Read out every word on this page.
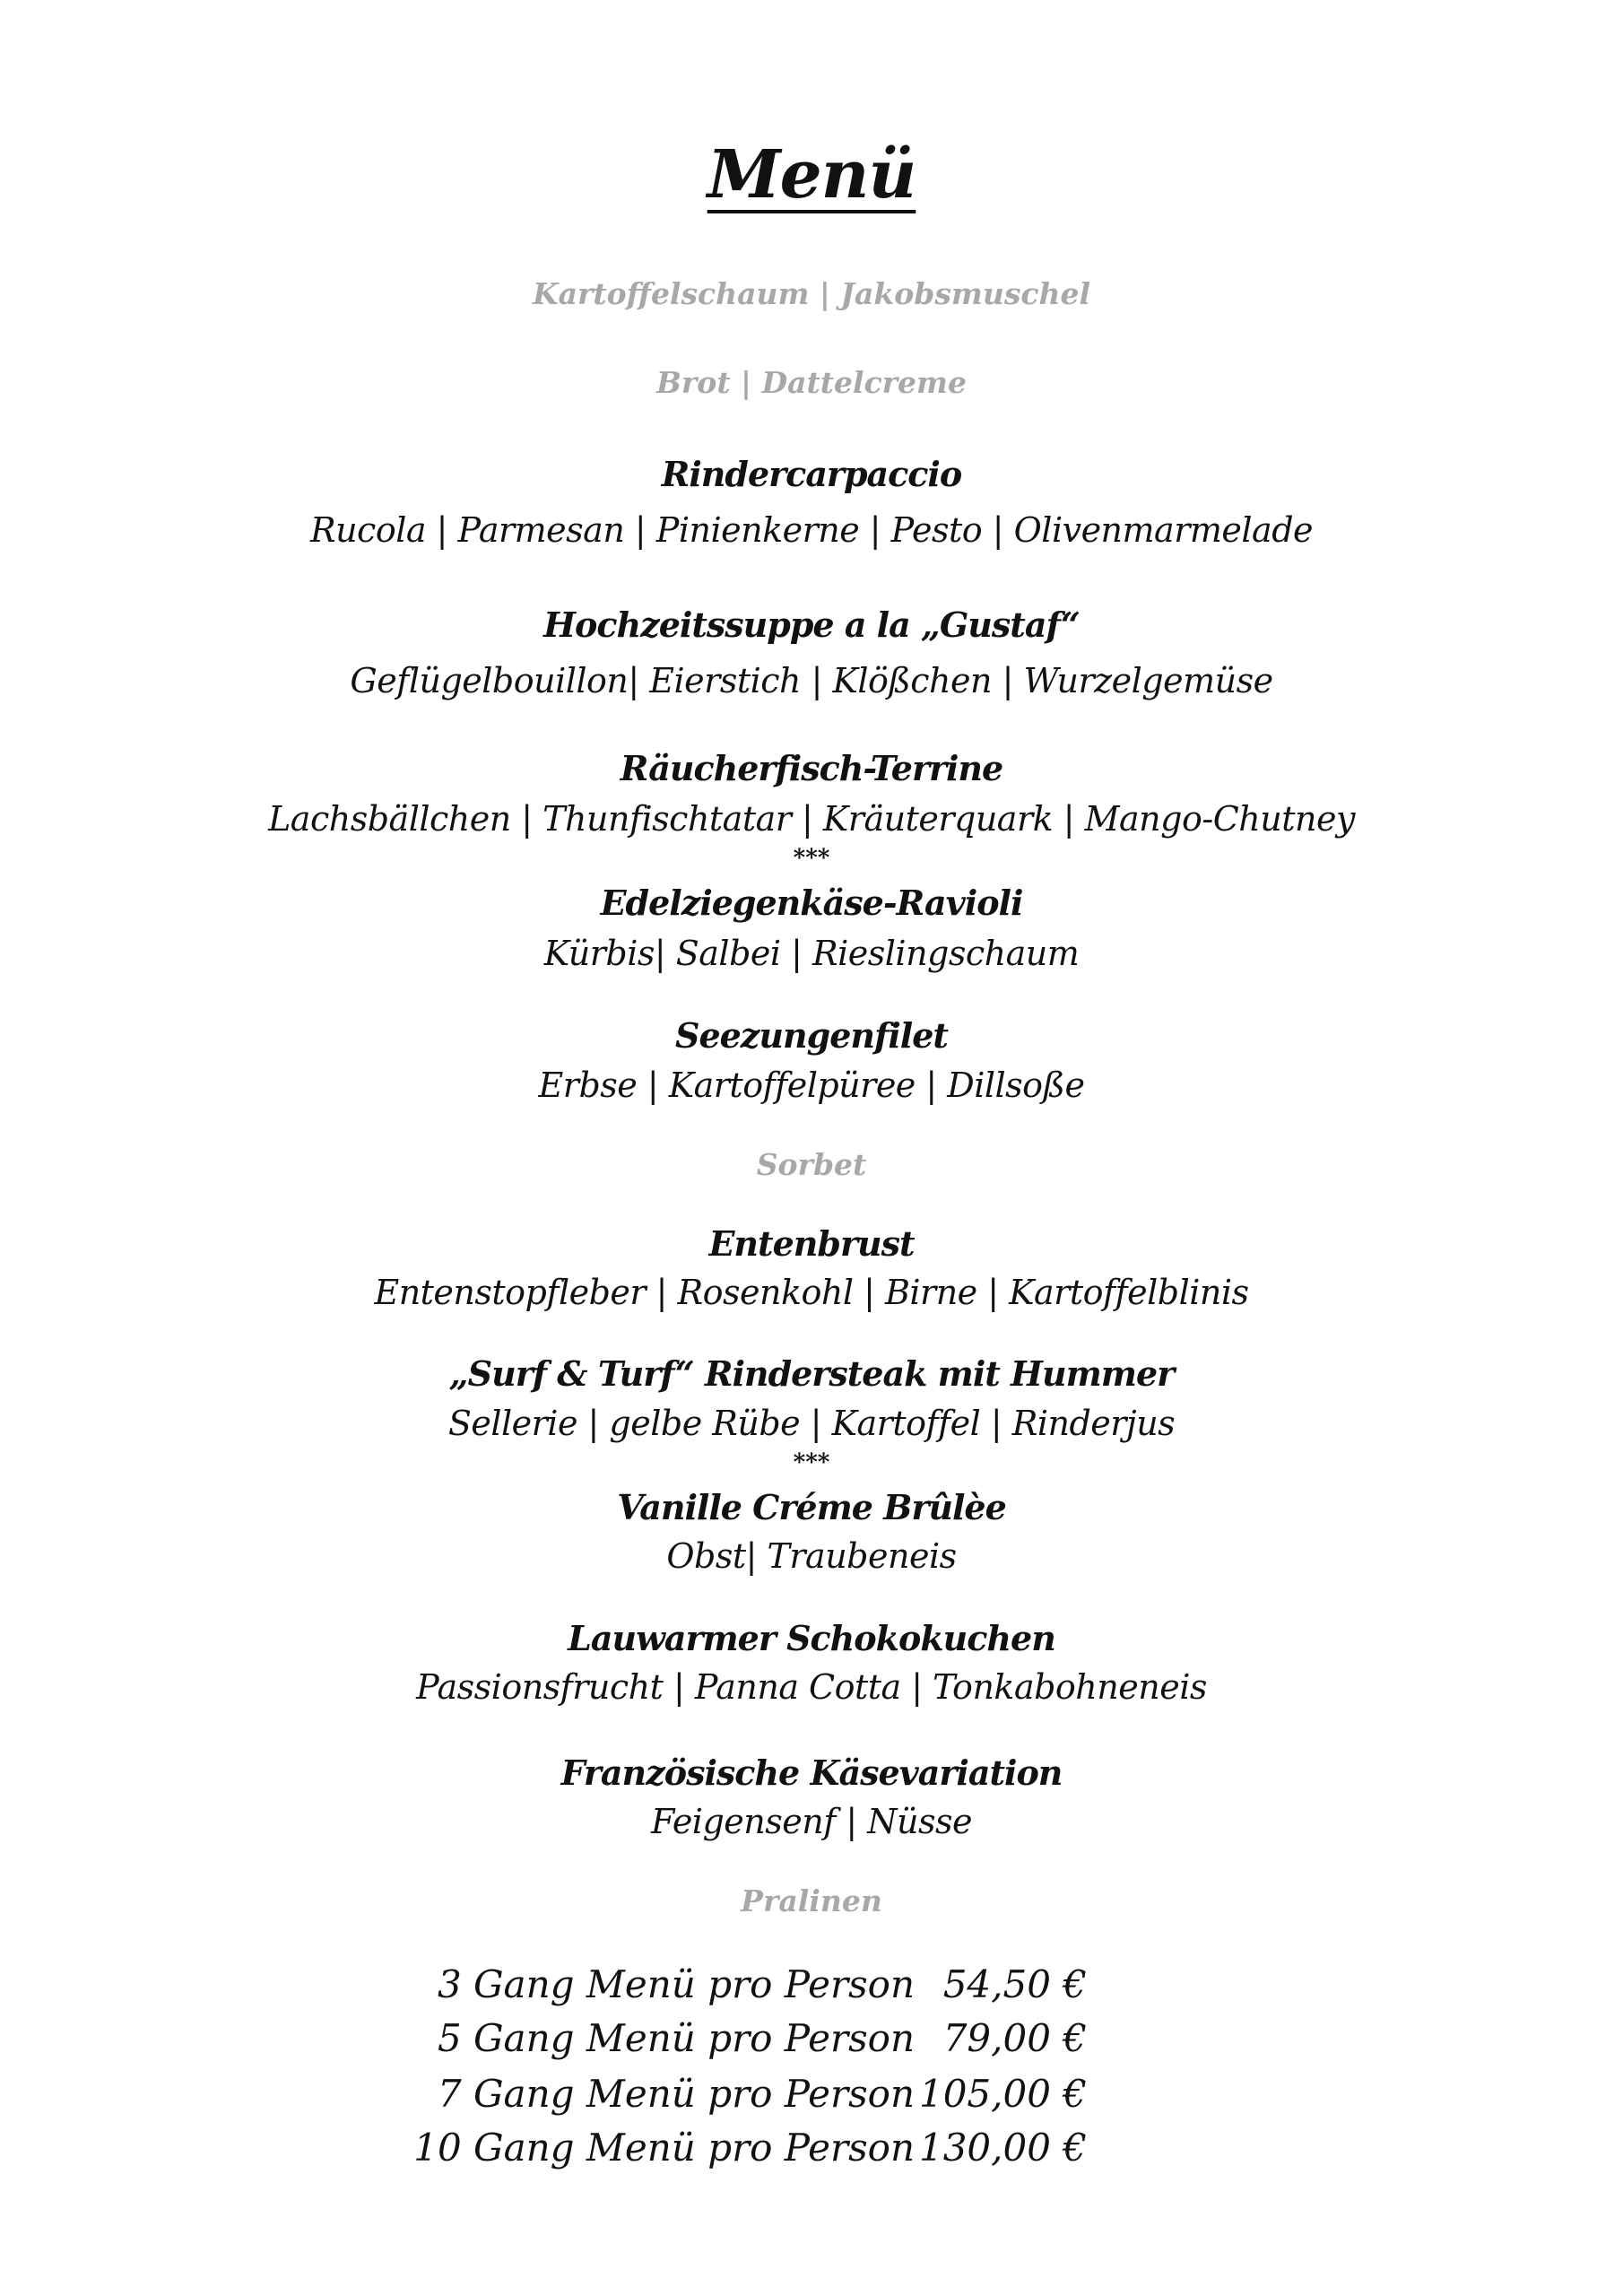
Menü
Kartoffelschaum | Jakobsmuschel
Brot | Dattelcreme
Rindercarpaccio
Rucola | Parmesan | Pinienkerne | Pesto | Olivenmarmelade
Hochzeitssuppe a la „Gustaf“
Geflügelbouillon| Eierstich | Klößchen | Wurzelgemüse
Räucherfisch-Terrine
Lachsbällchen | Thunfischtatar | Kräuterquark | Mango-Chutney
***
Edelziegenkäse-Ravioli
Kürbis| Salbei | Rieslingschaum
Seezungenfilet
Erbse | Kartoffelpüree | Dillsoße
Sorbet
Entenbrust
Entenstopfleber | Rosenkohl | Birne | Kartoffelblinis
„Surf & Turf“ Rindersteak mit Hummer
Sellerie | gelbe Rübe | Kartoffel | Rinderjus
***
Vanille Créme Brûlèe
Obst| Traubeneis
Lauwarmer Schokokuchen
Passionsfrucht | Panna Cotta | Tonkabohneneis
Französische Käsevariation
Feigensenf | Nüsse
Pralinen
3 Gang Menü pro Person 54,50 €
5 Gang Menü pro Person 79,00 €
7 Gang Menü pro Person 105,00 €
10 Gang Menü pro Person 130,00 €
